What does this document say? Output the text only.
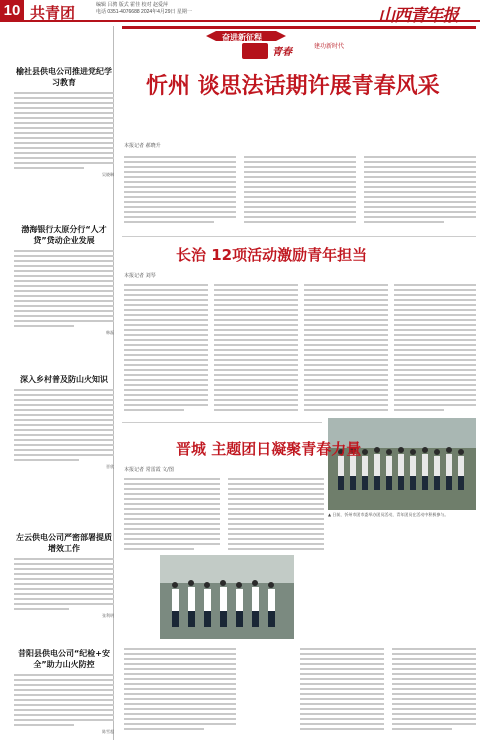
10 共青团	编辑 吕骋 版式 霍佳 校对 赵爱萍
电话 0351-4076688 2024年4月29日 星期一	山西青年报
榆社县供电公司推进党纪学习教育
吴晓琳
渤海银行太原分行“人才贷”贷动企业发展
韩磊
深入乡村普及防山火知识
晋欣
左云供电公司严密部署提质增效工作
张利明
昔阳县供电公司“纪检+安全”助力山火防控
陈雪超
奋进新征程
青春
建功新时代
忻州 谈思法话期许展青春风采
本报记者 郝晓升
长治 12项活动激励青年担当
本报记者 刘琴
▲ 日前，忻州市团市委举办团员活动，青年团员在活动中积极参与。
晋城 主题团日凝聚青春力量
本报记者 常雷霞 文/图
